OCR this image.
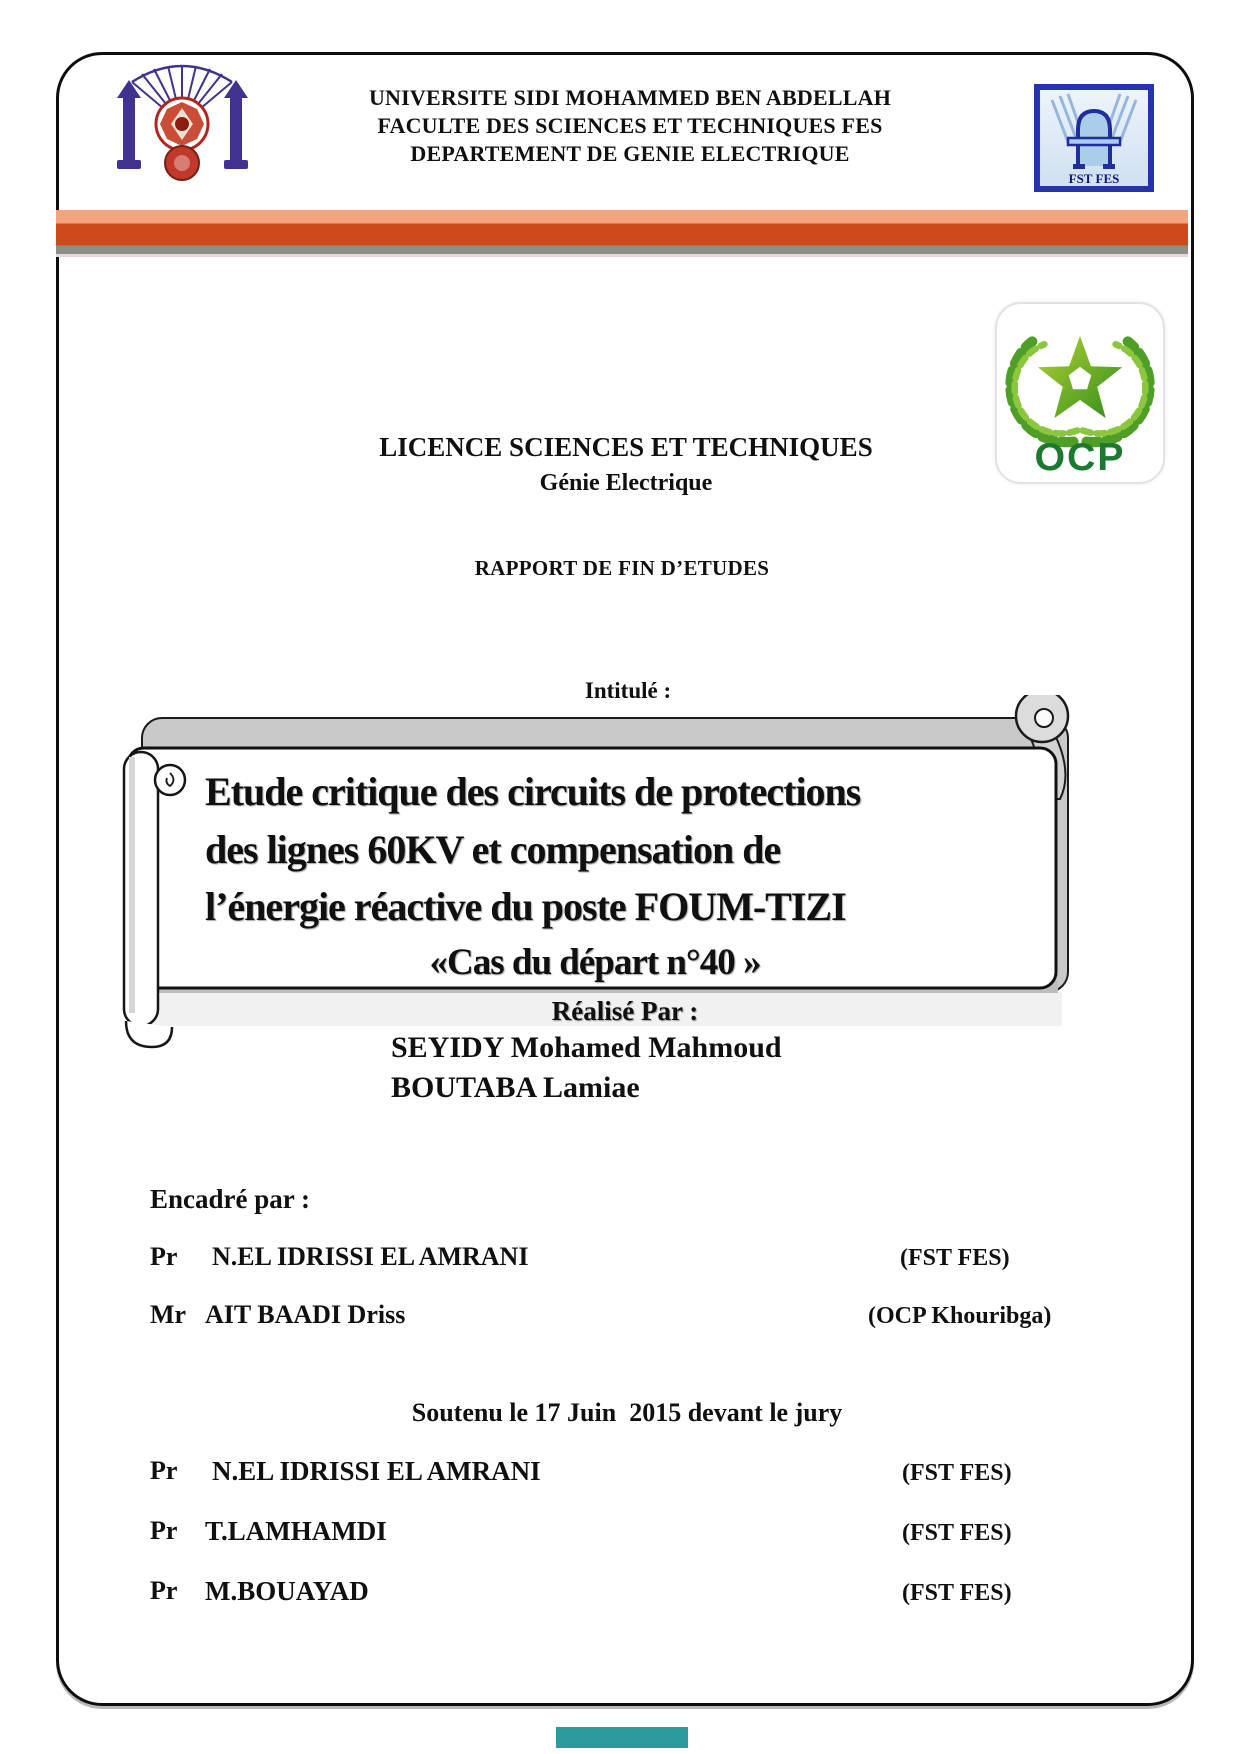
UNIVERSITE SIDI MOHAMMED BEN ABDELLAH
FACULTE DES SCIENCES ET TECHNIQUES FES
DEPARTEMENT DE GENIE ELECTRIQUE
FST FES
OCP
LICENCE SCIENCES ET TECHNIQUES
Génie Electrique
RAPPORT DE FIN D’ETUDES
Intitulé :
Etude critique des circuits de protections
des lignes 60KV et compensation de
l’énergie réactive du poste FOUM-TIZI
«Cas du départ n°40 »
Réalisé Par :
SEYIDY Mohamed Mahmoud
BOUTABA Lamiae
Encadré par :
Pr N.EL IDRISSI EL AMRANI	(FST FES)
Mr AIT BAADI Driss	(OCP Khouribga)
Soutenu le 17 Juin  2015 devant le jury
Pr N.EL IDRISSI EL AMRANI	(FST FES)
Pr T.LAMHAMDI	(FST FES)
Pr M.BOUAYAD	(FST FES)
